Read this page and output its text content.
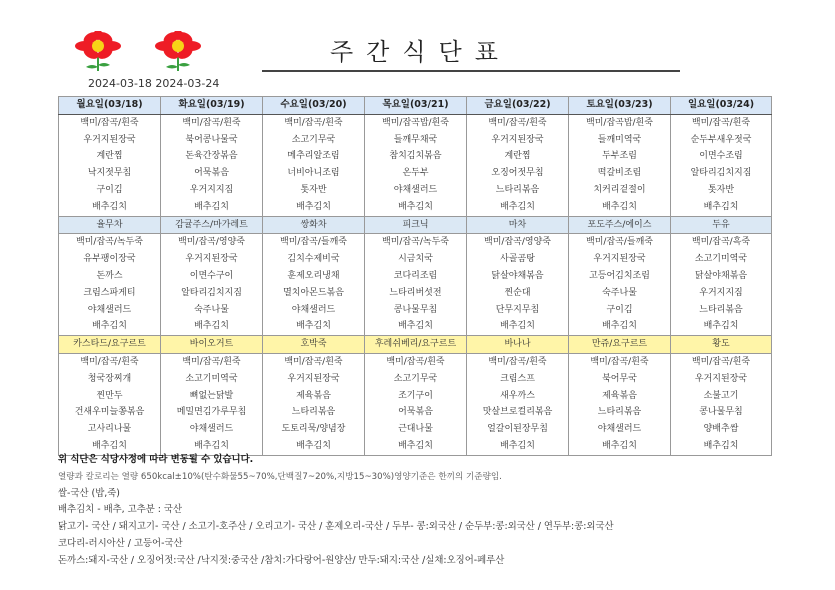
주간식단표
2024-03-18 2024-03-24
월요일(03/18)	화요일(03/19)	수요일(03/20)	목요일(03/21)	금요일(03/22)	토요일(03/23)	일요일(03/24)
백미/잡곡/흰죽	백미/잡곡/흰죽	백미/잡곡/흰죽	백미/잡곡밥/흰죽	백미/잡곡/흰죽	백미/잡곡밥/흰죽	백미/잡곡/흰죽
우거지된장국	북어콩나물국	소고기무국	들깨무채국	우거지된장국	들깨미역국	순두부새우젓국
계란찜	돈육간장볶음	메추리알조림	참치김치볶음	계란찜	두부조림	이면수조림
낙지젓무침	어묵볶음	너비아니조림	온두부	오징어젓무침	떡갈비조림	알타리김치지짐
구이김	우거지지짐	톳자반	야채샐러드	느타리볶음	치커리겉절이	톳자반
배추김치	배추김치	배추김치	배추김치	배추김치	배추김치	배추김치
율무차	감귤주스/마가레트	쌍화차	피크닉	마차	포도주스/에이스	두유
백미/잡곡/녹두죽	백미/잡곡/영양죽	백미/잡곡/들깨죽	백미/잡곡/녹두죽	백미/잡곡/영양죽	백미/잡곡/들깨죽	백미/잡곡/흑죽
유부팽이장국	우거지된장국	김치수제비국	시금치국	사골곰탕	우거지된장국	소고기미역국
돈까스	이면수구이	훈제오리냉채	코다리조림	닭살야채볶음	고등어김치조림	닭살야채볶음
크림스파게티	알타리김치지짐	멸치아몬드볶음	느타리버섯전	찐순대	숙주나물	우거지지짐
야채샐러드	숙주나물	야채샐러드	콩나물무침	단무지무침	구이김	느타리볶음
배추김치	배추김치	배추김치	배추김치	배추김치	배추김치	배추김치
카스타드/요구르트	바이오거트	호박죽	후레쉬베리/요구르트	바나나	만쥬/요구르트	황도
백미/잡곡/흰죽	백미/잡곡/흰죽	백미/잡곡/흰죽	백미/잡곡/흰죽	백미/잡곡/흰죽	백미/잡곡/흰죽	백미/잡곡/흰죽
청국장찌개	소고기미역국	우거지된장국	소고기무국	크림스프	북어무국	우거지된장국
찐만두	뼈없는닭발	제육볶음	조기구이	새우까스	제육볶음	소불고기
건새우미늘쫑볶음	메밀면김가루무침	느타리볶음	어묵볶음	맛살브로컬리볶음	느타리볶음	콩나물무침
고사리나물	야채샐러드	도토리묵/양념장	근대나물	얼갈이된장무침	야채샐러드	양배추쌈
배추김치	배추김치	배추김치	배추김치	배추김치	배추김치	배추김치
위 식단은 식당사정에 따라 변동될 수 있습니다.
열량과 칼로리는 열량 650kcal±10%(탄수화물55~70%,단백질7~20%,지방15~30%)영양기준은 한끼의 기준량임.
쌀-국산 (밥,죽)
배추김치 - 배추, 고추분 : 국산
닭고기- 국산 / 돼지고기- 국산 / 소고기-호주산 / 오리고기- 국산 / 훈제오리-국산 / 두부- 콩:외국산 / 순두부:콩:외국산 / 연두부:콩:외국산
코다리-러시아산 / 고등어-국산
돈까스:돼지-국산 / 오징어젓:국산 /낙지젓:중국산 /참치:가다랑어-원양산/ 만두:돼지:국산 /실채:오징어-페루산
